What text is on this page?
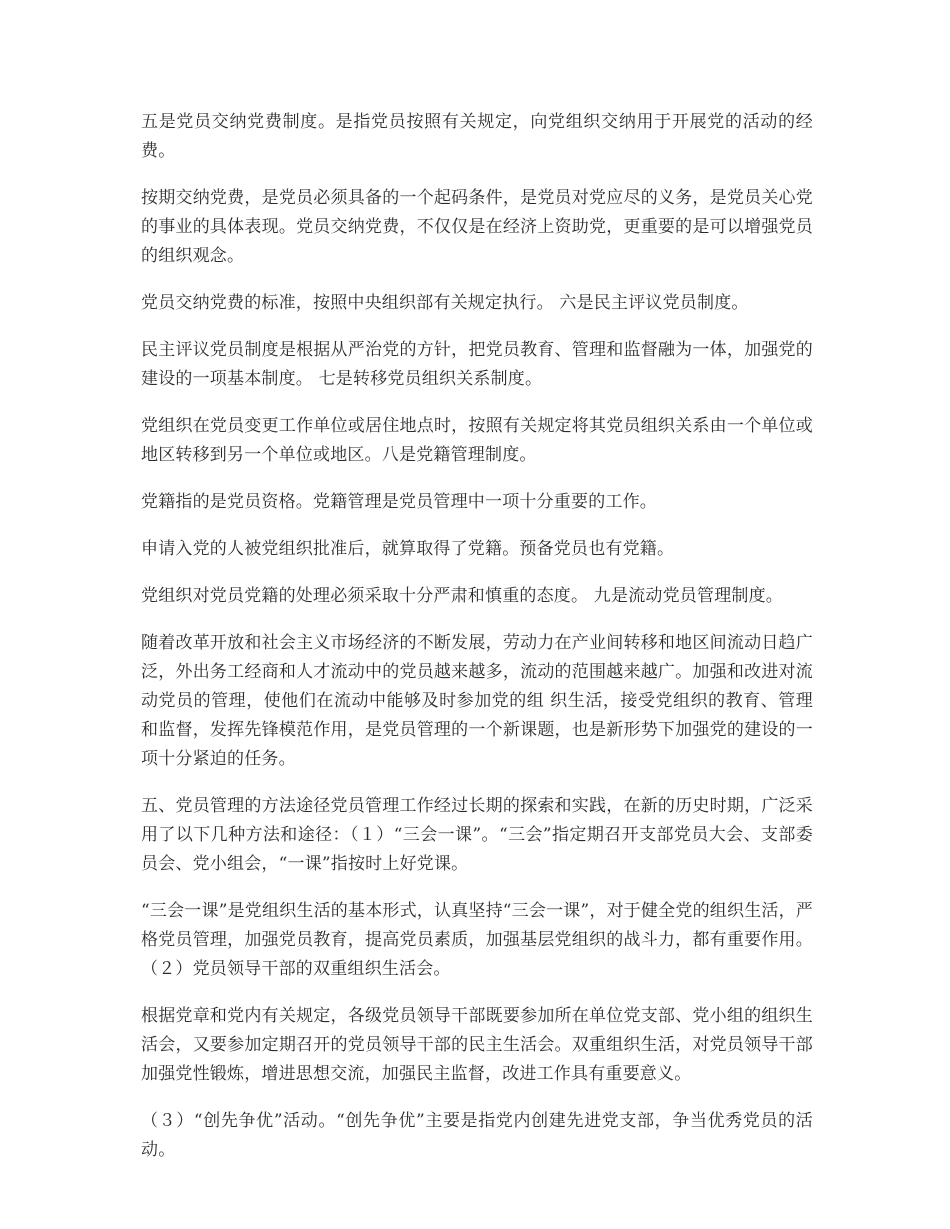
五是党员交纳党费制度。是指党员按照有关规定，向党组织交纳用于开展党的活动的经费。

按期交纳党费，是党员必须具备的一个起码条件，是党员对党应尽的义务，是党员关心党的事业的具体表现。党员交纳党费，不仅仅是在经济上资助党，更重要的是可以增强党员的组织观念。

党员交纳党费的标准，按照中央组织部有关规定执行。 六是民主评议党员制度。

民主评议党员制度是根据从严治党的方针，把党员教育、管理和监督融为一体，加强党的建设的一项基本制度。 七是转移党员组织关系制度。

党组织在党员变更工作单位或居住地点时，按照有关规定将其党员组织关系由一个单位或地区转移到另一个单位或地区。八是党籍管理制度。

党籍指的是党员资格。党籍管理是党员管理中一项十分重要的工作。

申请入党的人被党组织批准后，就算取得了党籍。预备党员也有党籍。

党组织对党员党籍的处理必须采取十分严肃和慎重的态度。 九是流动党员管理制度。

随着改革开放和社会主义市场经济的不断发展，劳动力在产业间转移和地区间流动日趋广泛，外出务工经商和人才流动中的党员越来越多，流动的范围越来越广。加强和改进对流动党员的管理，使他们在流动中能够及时参加党的组 织生活，接受党组织的教育、管理和监督，发挥先锋模范作用，是党员管理的一个新课题，也是新形势下加强党的建设的一项十分紧迫的任务。

五、党员管理的方法途径党员管理工作经过长期的探索和实践，在新的历史时期，广泛采用了以下几种方法和途径：（１）“三会一课”。“三会”指定期召开支部党员大会、支部委员会、党小组会，“一课”指按时上好党课。

“三会一课”是党组织生活的基本形式，认真坚持“三会一课”，对于健全党的组织生活，严格党员管理，加强党员教育，提高党员素质，加强基层党组织的战斗力，都有重要作用。（２）党员领导干部的双重组织生活会。

根据党章和党内有关规定，各级党员领导干部既要参加所在单位党支部、党小组的组织生活会，又要参加定期召开的党员领导干部的民主生活会。双重组织生活，对党员领导干部加强党性锻炼，增进思想交流，加强民主监督，改进工作具有重要意义。

（３）“创先争优”活动。“创先争优”主要是指党内创建先进党支部，争当优秀党员的活动。
